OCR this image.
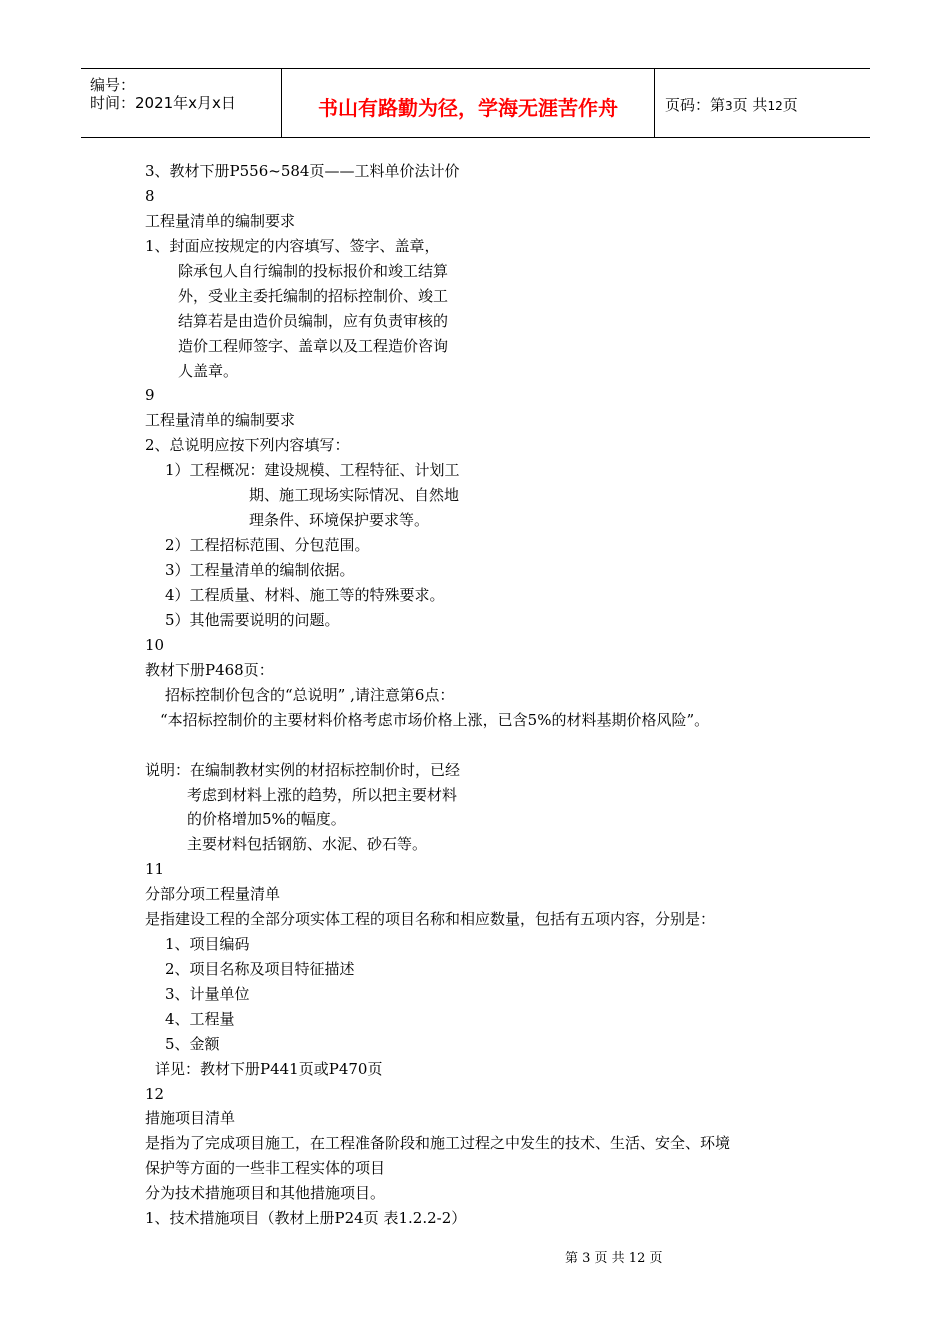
编号：
时间：2021年x月x日	书山有路勤为径，学海无涯苦作舟	页码：第3页 共12页
3、教材下册P556~584页——工料单价法计价
8
工程量清单的编制要求
1、封面应按规定的内容填写、签字、盖章，
除承包人自行编制的投标报价和竣工结算
外，受业主委托编制的招标控制价、竣工
结算若是由造价员编制，应有负责审核的
造价工程师签字、盖章以及工程造价咨询
人盖章。
9
工程量清单的编制要求
2、总说明应按下列内容填写：
1）工程概况：建设规模、工程特征、计划工
期、施工现场实际情况、自然地
理条件、环境保护要求等。
2）工程招标范围、分包范围。
3）工程量清单的编制依据。
4）工程质量、材料、施工等的特殊要求。
5）其他需要说明的问题。
10
教材下册P468页：
招标控制价包含的“总说明” ,请注意第6点：
“本招标控制价的主要材料价格考虑市场价格上涨，已含5%的材料基期价格风险”。
说明：在编制教材实例的材招标控制价时，已经
考虑到材料上涨的趋势，所以把主要材料
的价格增加5%的幅度。
主要材料包括钢筋、水泥、砂石等。
11
分部分项工程量清单
是指建设工程的全部分项实体工程的项目名称和相应数量，包括有五项内容，分别是：
1、项目编码
2、项目名称及项目特征描述
3、计量单位
4、工程量
5、金额
详见：教材下册P441页或P470页
12
措施项目清单
是指为了完成项目施工，在工程准备阶段和施工过程之中发生的技术、生活、安全、环境
保护等方面的一些非工程实体的项目
分为技术措施项目和其他措施项目。
1、技术措施项目（教材上册P24页 表1.2.2-2）
第 3 页 共 12 页
